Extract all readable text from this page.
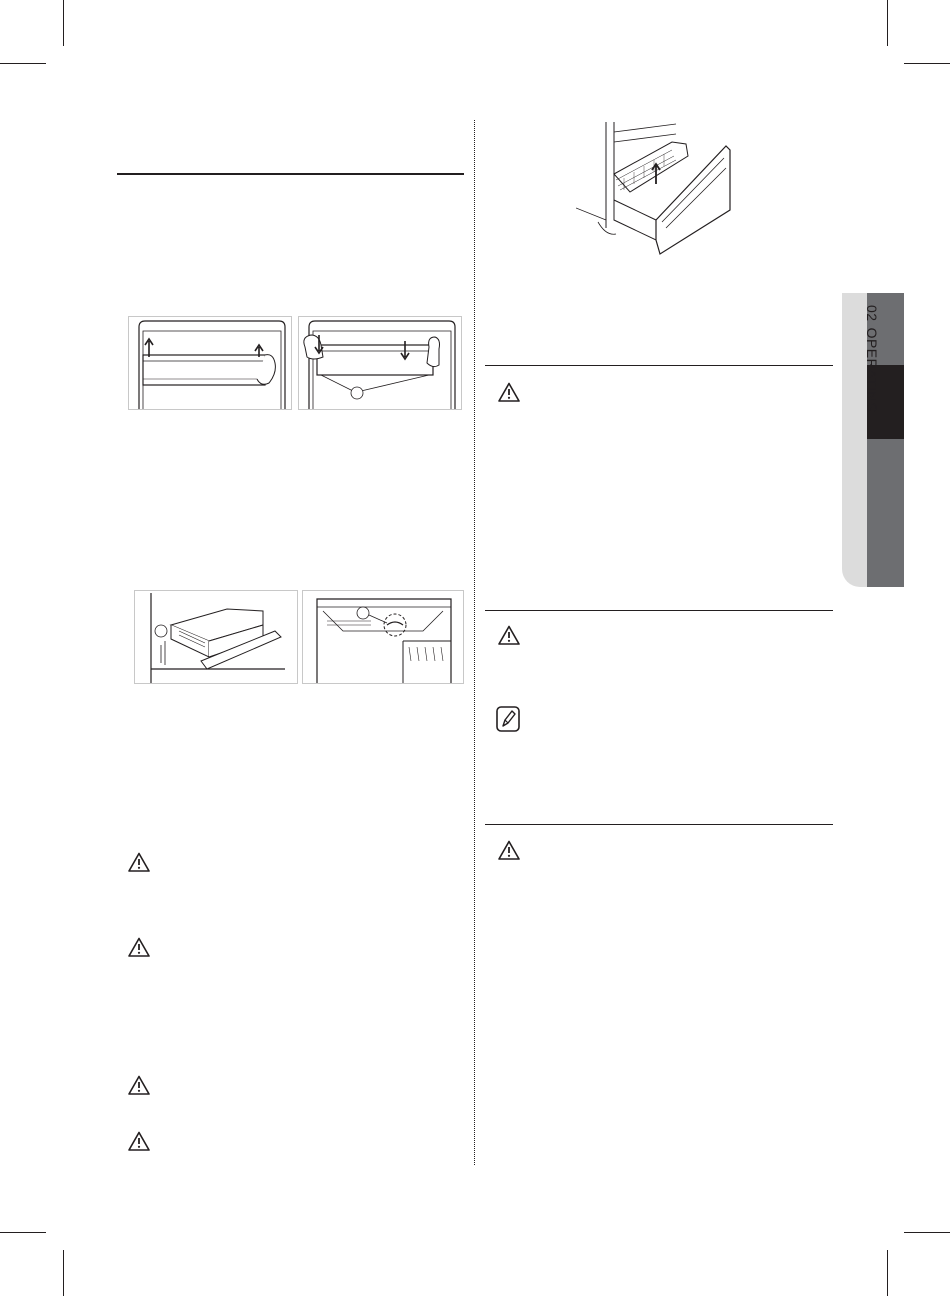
02OPERATING
